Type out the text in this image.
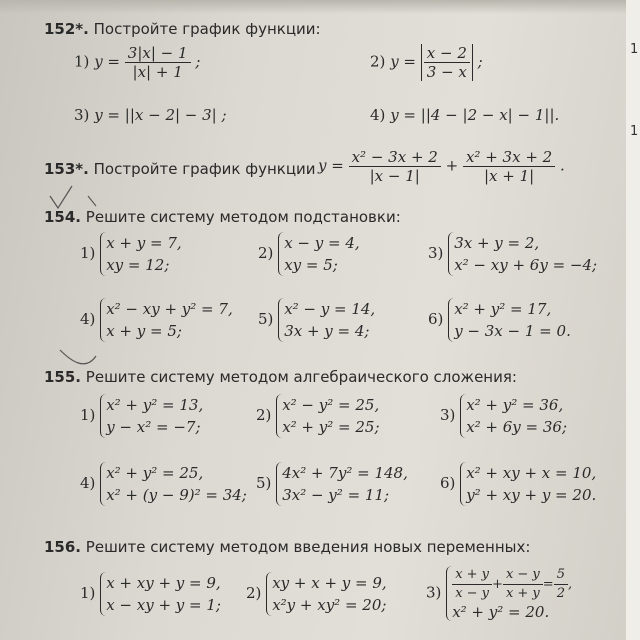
152*. Постройте график функции:
1) $y = \frac{3|x| - 1}{|x| + 1}$ ;	2) $y = \frac{x - 2}{3 - x}$ ;
3) y = ||x − 2| − 3| ;	4) y = ||4 − |2 − x| − 1||.
153*. Постройте график функции $y = \frac{\text{x² − 3x + 2}}{|x - 1|} + \frac{\text{x² + 3x + 2}}{|x + 1|}$ .
154. Решите систему методом подстановки:
1) x + y = 7,
xy = 12;
2) x − y = 4,
xy = 5;
3) 3x + y = 2,
x² − xy + 6y = −4;
4) x² − xy + y² = 7,
x + y = 5;
5) x² − y = 14,
3x + y = 4;
6) x² + y² = 17,
y − 3x − 1 = 0.
155. Решите систему методом алгебраического сложения:
1) x² + y² = 13,
y − x² = −7;
2) x² − y² = 25,
x² + y² = 25;
3) x² + y² = 36,
x² + 6y = 36;
4) x² + y² = 25,
x² + (y − 9)² = 34;
5) 4x² + 7y² = 148,
3x² − y² = 11;
6) x² + xy + x = 10,
y² + xy + y = 20.
156. Решите систему методом введения новых переменных:
1) x + xy + y = 9,
x − xy + y = 1;
2) xy + x + y = 9,
x²y + xy² = 20;
$3) \frac{x + y}{x - y} + \frac{x - y}{x + y} = \frac{5}{2}$ ,
x² + y² = 20.
1
1
